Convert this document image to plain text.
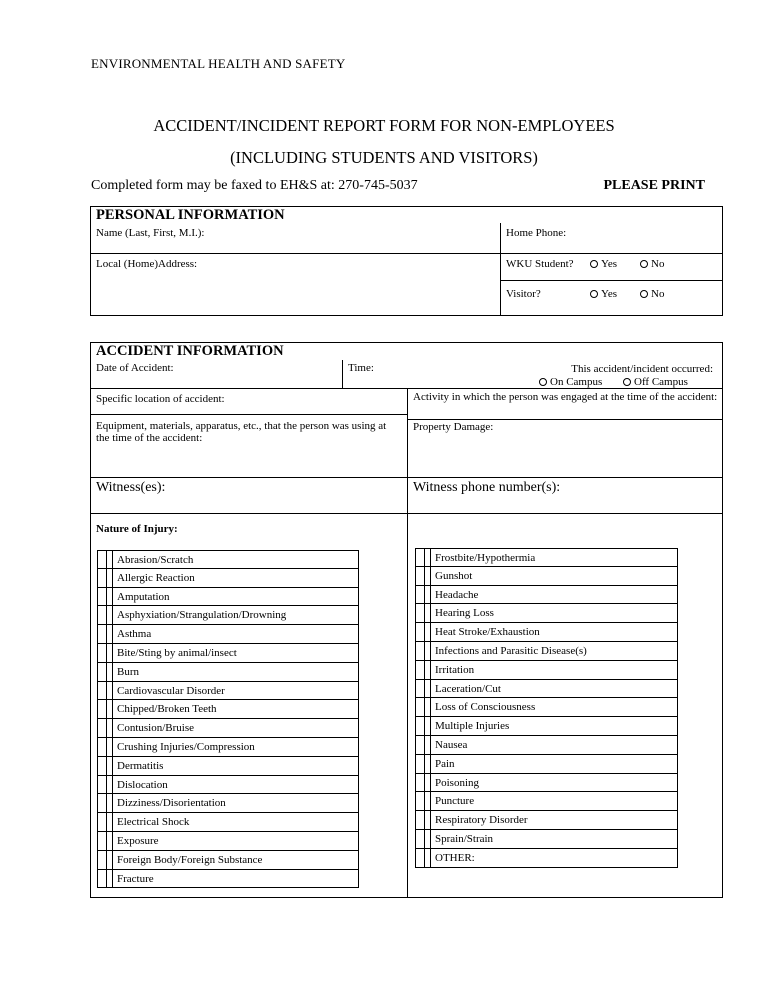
ENVIRONMENTAL HEALTH AND SAFETY
ACCIDENT/INCIDENT REPORT FORM FOR NON-EMPLOYEES
(INCLUDING STUDENTS AND VISITORS)
Completed form may be faxed to EH&S at: 270-745-5037	PLEASE PRINT
PERSONAL INFORMATION
Name (Last, First, M.I.):	Home Phone:
Local (Home)Address:	WKU Student?	Yes	No
Visitor?	Yes	No
ACCIDENT INFORMATION
Date of Accident:	Time:	This accident/incident occurred:
On Campus	Off Campus
Specific location of accident:	Activity in which the person was engaged at the time of the accident:
Equipment, materials, apparatus, etc., that the person was using at the time of the accident:
Property Damage:
Witness(es):	Witness phone number(s):
Nature of Injury:
Abrasion/Scratch
Allergic Reaction
Amputation
Asphyxiation/Strangulation/Drowning
Asthma
Bite/Sting by animal/insect
Burn
Cardiovascular Disorder
Chipped/Broken Teeth
Contusion/Bruise
Crushing Injuries/Compression
Dermatitis
Dislocation
Dizziness/Disorientation
Electrical Shock
Exposure
Foreign Body/Foreign Substance
Fracture
Frostbite/Hypothermia
Gunshot
Headache
Hearing Loss
Heat Stroke/Exhaustion
Infections and Parasitic Disease(s)
Irritation
Laceration/Cut
Loss of Consciousness
Multiple Injuries
Nausea
Pain
Poisoning
Puncture
Respiratory Disorder
Sprain/Strain
OTHER:
